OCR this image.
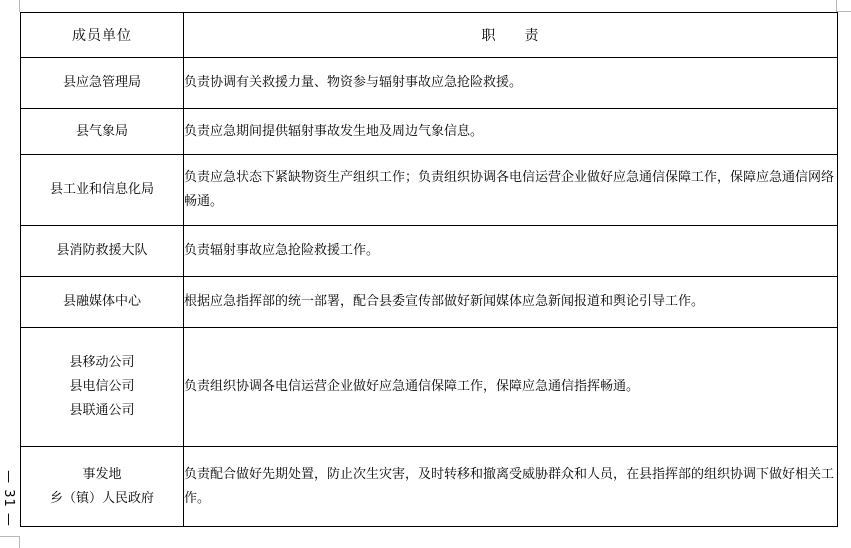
— 31 —
成员单位	职 责

县应急管理局	负责协调有关救援力量、物资参与辐射事故应急抢险救援。

县气象局	负责应急期间提供辐射事故发生地及周边气象信息。

县工业和信息化局	负责应急状态下紧缺物资生产组织工作；负责组织协调各电信运营企业做好应急通信保障工作，保障应急通信网络畅通。

县消防救援大队	负责辐射事故应急抢险救援工作。

县融媒体中心	根据应急指挥部的统一部署，配合县委宣传部做好新闻媒体应急新闻报道和舆论引导工作。

县移动公司
县电信公司
县联通公司	负责组织协调各电信运营企业做好应急通信保障工作，保障应急通信指挥畅通。

事发地
乡（镇）人民政府	负责配合做好先期处置，防止次生灾害，及时转移和撤离受威胁群众和人员，在县指挥部的组织协调下做好相关工作。
